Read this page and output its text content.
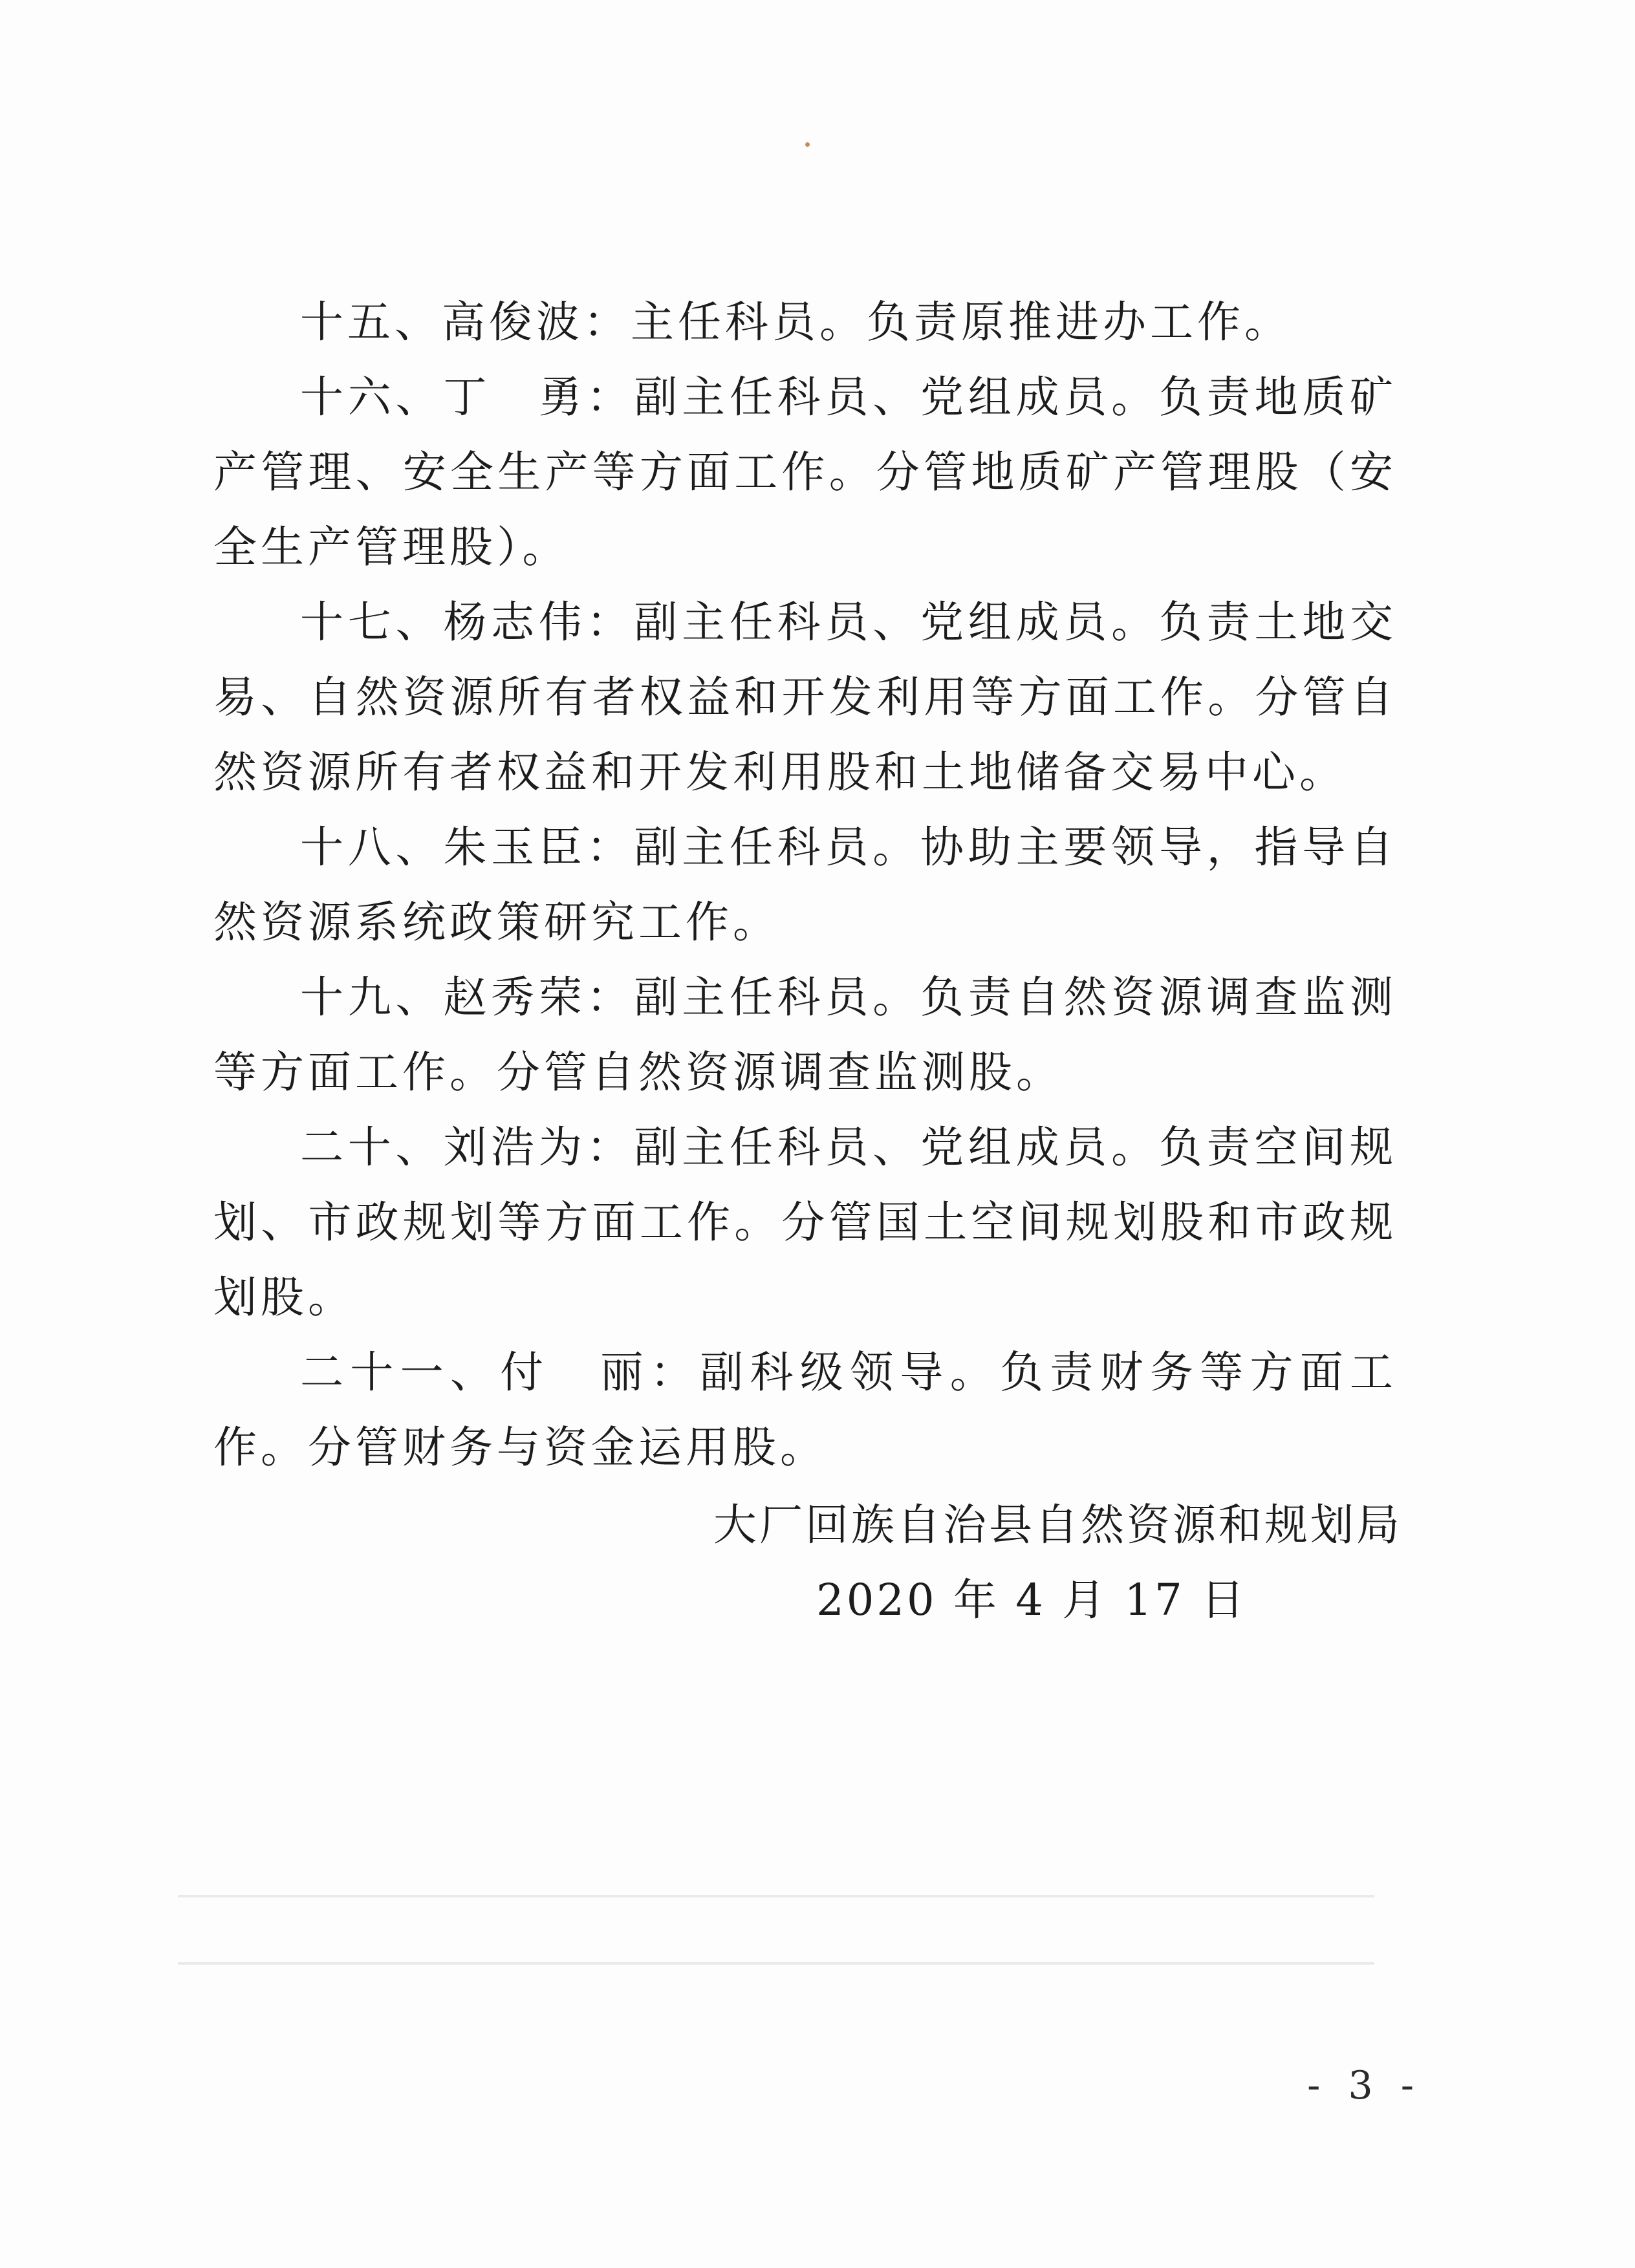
十五、高俊波：主任科员。负责原推进办工作。

十六、丁　勇：副主任科员、党组成员。负责地质矿产管理、安全生产等方面工作。分管地质矿产管理股（安全生产管理股）。

十七、杨志伟：副主任科员、党组成员。负责土地交易、自然资源所有者权益和开发利用等方面工作。分管自然资源所有者权益和开发利用股和土地储备交易中心。

十八、朱玉臣：副主任科员。协助主要领导，指导自然资源系统政策研究工作。

十九、赵秀荣：副主任科员。负责自然资源调查监测等方面工作。分管自然资源调查监测股。

二十、刘浩为：副主任科员、党组成员。负责空间规划、市政规划等方面工作。分管国土空间规划股和市政规划股。

二十一、付　丽：副科级领导。负责财务等方面工作。分管财务与资金运用股。

大厂回族自治县自然资源和规划局
2020 年 4 月 17 日
- 3 -
